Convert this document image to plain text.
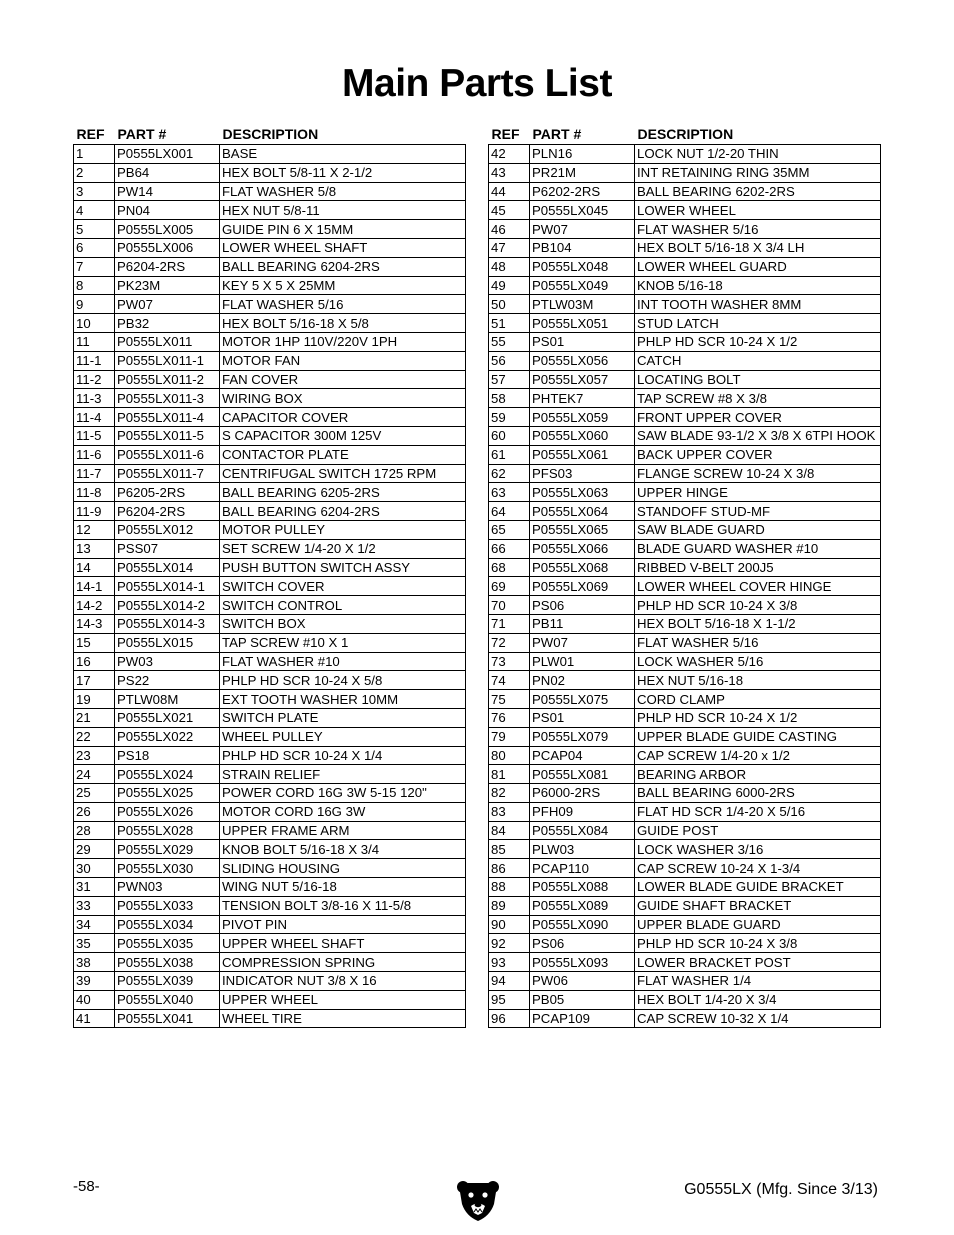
Main Parts List
REF	PART #	DESCRIPTION
1	P0555LX001	BASE
2	PB64	HEX BOLT 5/8-11 X 2-1/2
3	PW14	FLAT WASHER 5/8
4	PN04	HEX NUT 5/8-11
5	P0555LX005	GUIDE PIN 6 X 15MM
6	P0555LX006	LOWER WHEEL SHAFT
7	P6204-2RS	BALL BEARING 6204-2RS
8	PK23M	KEY 5 X 5 X 25MM
9	PW07	FLAT WASHER 5/16
10	PB32	HEX BOLT 5/16-18 X 5/8
11	P0555LX011	MOTOR 1HP 110V/220V 1PH
11-1	P0555LX011-1	MOTOR FAN
11-2	P0555LX011-2	FAN COVER
11-3	P0555LX011-3	WIRING BOX
11-4	P0555LX011-4	CAPACITOR COVER
11-5	P0555LX011-5	S CAPACITOR 300M 125V
11-6	P0555LX011-6	CONTACTOR PLATE
11-7	P0555LX011-7	CENTRIFUGAL SWITCH 1725 RPM
11-8	P6205-2RS	BALL BEARING 6205-2RS
11-9	P6204-2RS	BALL BEARING 6204-2RS
12	P0555LX012	MOTOR PULLEY
13	PSS07	SET SCREW 1/4-20 X 1/2
14	P0555LX014	PUSH BUTTON SWITCH ASSY
14-1	P0555LX014-1	SWITCH COVER
14-2	P0555LX014-2	SWITCH CONTROL
14-3	P0555LX014-3	SWITCH BOX
15	P0555LX015	TAP SCREW #10 X 1
16	PW03	FLAT WASHER #10
17	PS22	PHLP HD SCR 10-24 X 5/8
19	PTLW08M	EXT TOOTH WASHER 10MM
21	P0555LX021	SWITCH PLATE
22	P0555LX022	WHEEL PULLEY
23	PS18	PHLP HD SCR 10-24 X 1/4
24	P0555LX024	STRAIN RELIEF
25	P0555LX025	POWER CORD 16G 3W 5-15 120"
26	P0555LX026	MOTOR CORD 16G 3W
28	P0555LX028	UPPER FRAME ARM
29	P0555LX029	KNOB BOLT 5/16-18 X 3/4
30	P0555LX030	SLIDING HOUSING
31	PWN03	WING NUT 5/16-18
33	P0555LX033	TENSION BOLT 3/8-16 X 11-5/8
34	P0555LX034	PIVOT PIN
35	P0555LX035	UPPER WHEEL SHAFT
38	P0555LX038	COMPRESSION SPRING
39	P0555LX039	INDICATOR NUT 3/8 X 16
40	P0555LX040	UPPER WHEEL
41	P0555LX041	WHEEL TIRE
REF	PART #	DESCRIPTION
42	PLN16	LOCK NUT 1/2-20 THIN
43	PR21M	INT RETAINING RING 35MM
44	P6202-2RS	BALL BEARING 6202-2RS
45	P0555LX045	LOWER WHEEL
46	PW07	FLAT WASHER 5/16
47	PB104	HEX BOLT 5/16-18 X 3/4 LH
48	P0555LX048	LOWER WHEEL GUARD
49	P0555LX049	KNOB 5/16-18
50	PTLW03M	INT TOOTH WASHER 8MM
51	P0555LX051	STUD LATCH
55	PS01	PHLP HD SCR 10-24 X 1/2
56	P0555LX056	CATCH
57	P0555LX057	LOCATING BOLT
58	PHTEK7	TAP SCREW #8 X 3/8
59	P0555LX059	FRONT UPPER COVER
60	P0555LX060	SAW BLADE 93-1/2 X 3/8 X 6TPI HOOK
61	P0555LX061	BACK UPPER COVER
62	PFS03	FLANGE SCREW 10-24 X 3/8
63	P0555LX063	UPPER HINGE
64	P0555LX064	STANDOFF STUD-MF
65	P0555LX065	SAW BLADE GUARD
66	P0555LX066	BLADE GUARD WASHER #10
68	P0555LX068	RIBBED V-BELT 200J5
69	P0555LX069	LOWER WHEEL COVER HINGE
70	PS06	PHLP HD SCR 10-24 X 3/8
71	PB11	HEX BOLT 5/16-18 X 1-1/2
72	PW07	FLAT WASHER 5/16
73	PLW01	LOCK WASHER 5/16
74	PN02	HEX NUT 5/16-18
75	P0555LX075	CORD CLAMP
76	PS01	PHLP HD SCR 10-24 X 1/2
79	P0555LX079	UPPER BLADE GUIDE CASTING
80	PCAP04	CAP SCREW 1/4-20 x 1/2
81	P0555LX081	BEARING ARBOR
82	P6000-2RS	BALL BEARING 6000-2RS
83	PFH09	FLAT HD SCR 1/4-20 X 5/16
84	P0555LX084	GUIDE POST
85	PLW03	LOCK WASHER 3/16
86	PCAP110	CAP SCREW 10-24 X 1-3/4
88	P0555LX088	LOWER BLADE GUIDE BRACKET
89	P0555LX089	GUIDE SHAFT BRACKET
90	P0555LX090	UPPER BLADE GUARD
92	PS06	PHLP HD SCR 10-24 X 3/8
93	P0555LX093	LOWER BRACKET POST
94	PW06	FLAT WASHER 1/4
95	PB05	HEX BOLT 1/4-20 X 3/4
96	PCAP109	CAP SCREW 10-32 X 1/4
-58-	G0555LX (Mfg. Since 3/13)
